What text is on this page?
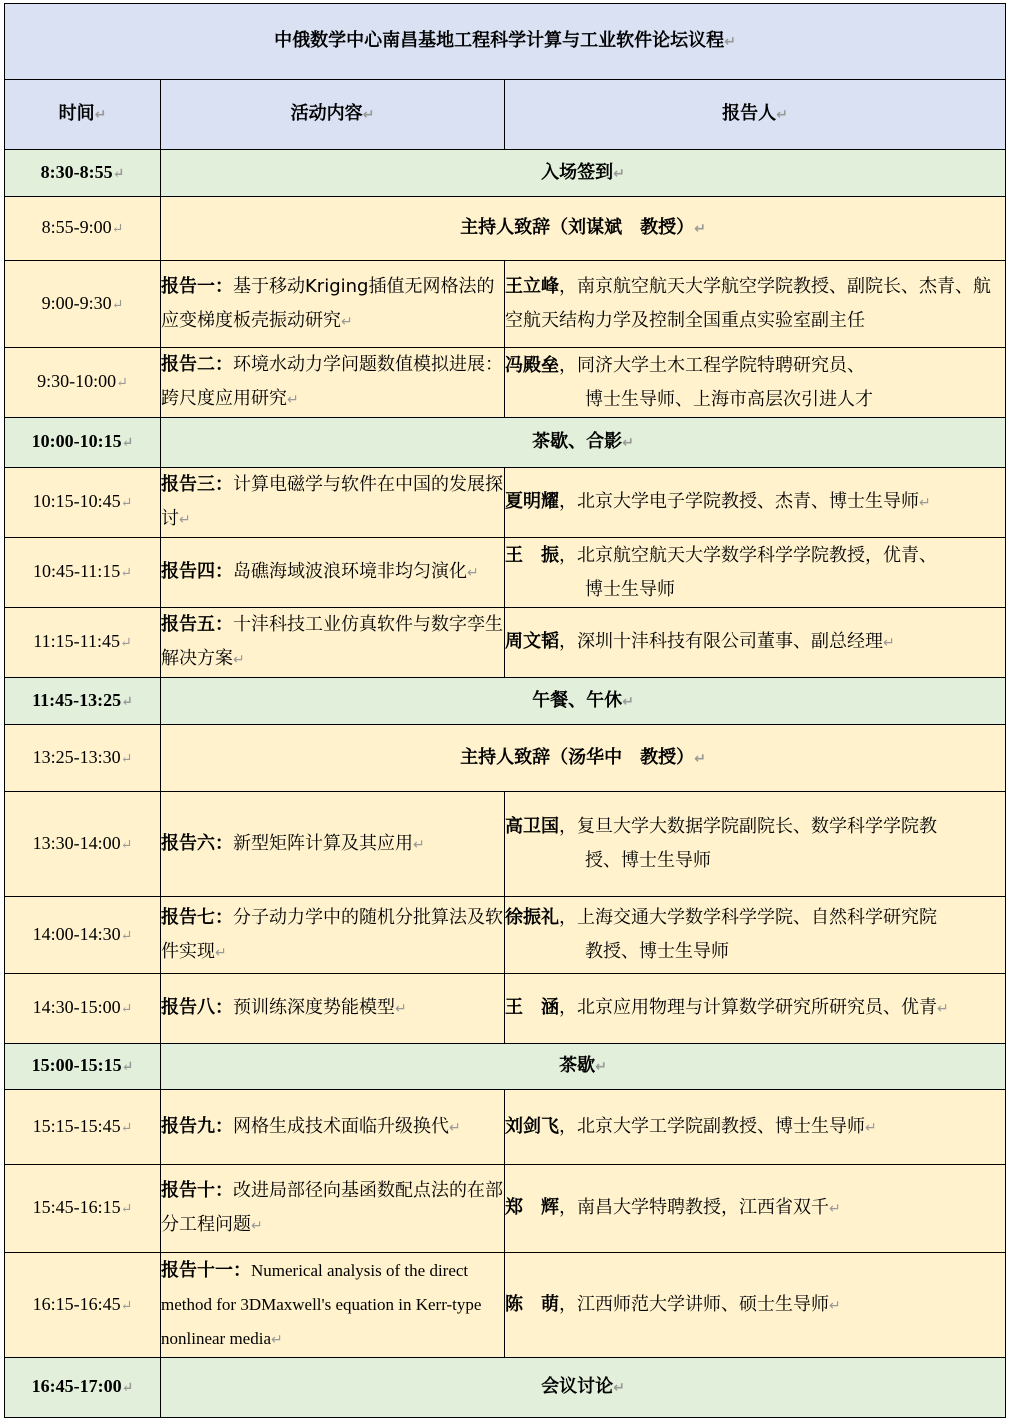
中俄数学中心南昌基地工程科学计算与工业软件论坛议程↵		
时间↵	活动内容↵	报告人↵
8:30-8:55↵	入场签到↵	
8:55-9:00↵	主持人致辞（刘谋斌　教授）↵	
9:00-9:30↵	报告一：基于移动Kriging插值无网格法的应变梯度板壳振动研究↵	王立峰，南京航空航天大学航空学院教授、副院长、杰青、航空航天结构力学及控制全国重点实验室副主任
9:30-10:00↵	报告二：环境水动力学问题数值模拟进展：跨尺度应用研究↵	冯殿垒，同济大学土木工程学院特聘研究员、
博士生导师、上海市高层次引进人才

10:00-10:15↵	茶歇、合影↵	
10:15-10:45↵	报告三：计算电磁学与软件在中国的发展探讨↵	夏明耀，北京大学电子学院教授、杰青、博士生导师↵
10:45-11:15↵	报告四：岛礁海域波浪环境非均匀演化↵	王　振，北京航空航天大学数学科学学院教授，优青、
博士生导师

11:15-11:45↵	报告五：十沣科技工业仿真软件与数字孪生解决方案↵	周文韬，深圳十沣科技有限公司董事、副总经理↵
11:45-13:25↵	午餐、午休↵	
13:25-13:30↵	主持人致辞（汤华中　教授）↵	
13:30-14:00↵	报告六：新型矩阵计算及其应用↵	高卫国，复旦大学大数据学院副院长、数学科学学院教
授、博士生导师

14:00-14:30↵	报告七：分子动力学中的随机分批算法及软件实现↵	徐振礼，上海交通大学数学科学学院、自然科学研究院
教授、博士生导师

14:30-15:00↵	报告八：预训练深度势能模型↵	王　涵，北京应用物理与计算数学研究所研究员、优青↵
15:00-15:15↵	茶歇↵	
15:15-15:45↵	报告九：网格生成技术面临升级换代↵	刘剑飞，北京大学工学院副教授、博士生导师↵
15:45-16:15↵	报告十：改进局部径向基函数配点法的在部分工程问题↵	郑　辉，南昌大学特聘教授，江西省双千↵
16:15-16:45↵	报告十一：Numerical analysis of the direct method for 3DMaxwell's equation in Kerr-type nonlinear media↵	陈　萌，江西师范大学讲师、硕士生导师↵
16:45-17:00↵	会议讨论↵	
